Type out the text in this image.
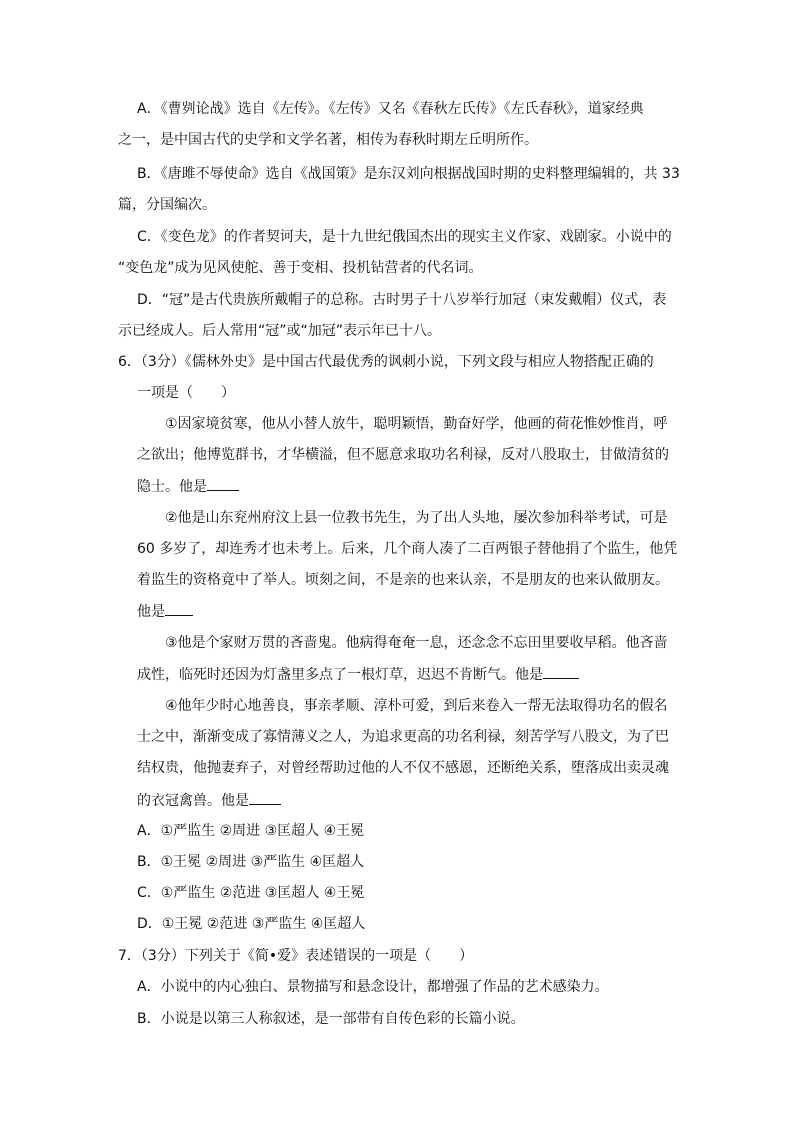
A．《曹刿论战》选自《左传》。《左传》又名《春秋左氏传》《左氏春秋》，道家经典
之一，是中国古代的史学和文学名著，相传为春秋时期左丘明所作。
B．《唐雎不辱使命》选自《战国策》是东汉刘向根据战国时期的史料整理编辑的，共 33
篇，分国编次。
C．《变色龙》的作者契诃夫，是十九世纪俄国杰出的现实主义作家、戏剧家。小说中的
“变色龙”成为见风使舵、善于变相、投机钻营者的代名词。
D．“冠”是古代贵族所戴帽子的总称。古时男子十八岁举行加冠（束发戴帽）仪式，表
示已经成人。后人常用“冠”或“加冠”表示年已十八。
6．（3分）《儒林外史》是中国古代最优秀的讽刺小说，下列文段与相应人物搭配正确的
一项是（　　）
①因家境贫寒，他从小替人放牛，聪明颖悟，勤奋好学，他画的荷花惟妙惟肖，呼
之欲出；他博览群书，才华横溢，但不愿意求取功名利禄，反对八股取士，甘做清贫的
隐士。他是
②他是山东兖州府汶上县一位教书先生，为了出人头地，屡次参加科举考试，可是
60 多岁了，却连秀才也未考上。后来，几个商人凑了二百两银子替他捐了个监生，他凭
着监生的资格竟中了举人。顷刻之间，不是亲的也来认亲，不是朋友的也来认做朋友。
他是
③他是个家财万贯的吝啬鬼。他病得奄奄一息，还念念不忘田里要收早稻。他吝啬
成性，临死时还因为灯盏里多点了一根灯草，迟迟不肯断气。他是
④他年少时心地善良，事亲孝顺、淳朴可爱，到后来卷入一帮无法取得功名的假名
士之中，渐渐变成了寡情薄义之人，为追求更高的功名利禄，刻苦学写八股文，为了巴
结权贵，他抛妻弃子，对曾经帮助过他的人不仅不感恩，还断绝关系，堕落成出卖灵魂
的衣冠禽兽。他是
A．①严监生 ②周进 ③匡超人 ④王冕
B．①王冕 ②周进 ③严监生 ④匡超人
C．①严监生 ②范进 ③匡超人 ④王冕
D．①王冕 ②范进 ③严监生 ④匡超人
7．（3分）下列关于《简•爱》表述错误的一项是（　　）
A．小说中的内心独白、景物描写和悬念设计，都增强了作品的艺术感染力。
B．小说是以第三人称叙述，是一部带有自传色彩的长篇小说。
